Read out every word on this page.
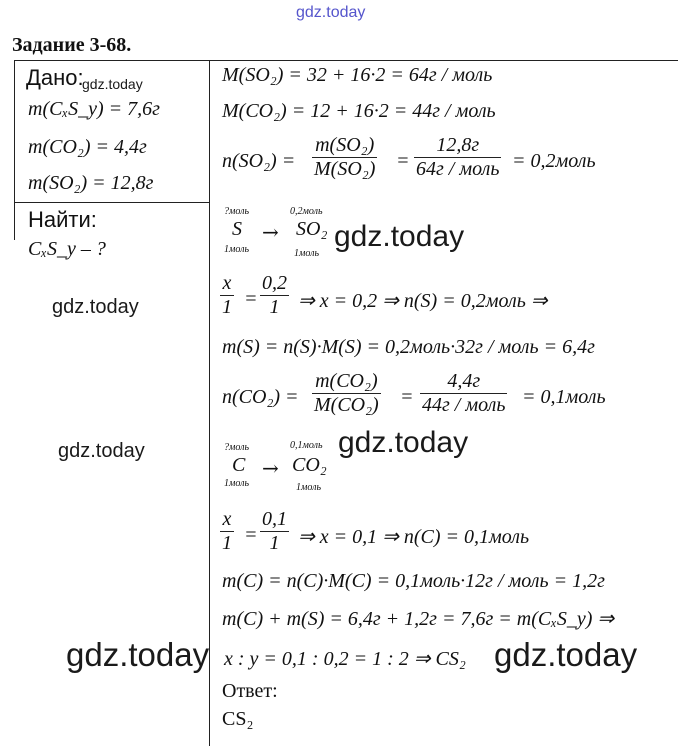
gdz.today
gdz.today
gdz.today
gdz.today
gdz.today
gdz.today
gdz.today	gdz.today
Задание 3-68.
Дано:
m(CₓS_y) = 7,6г
m(CO₂) = 4,4г
m(SO₂) = 12,8г
Найти:
CₓS_y – ?
M(SO₂) = 32 + 16·2 = 64г / моль
M(CO₂) = 12 + 16·2 = 44г / моль
n(SO₂) =
m(SO₂)
M(SO₂) =
12,8г
64г / моль = 0,2моль
?моль
S
1моль
→
0,2моль
SO₂
1моль
x
1 =
0,2
1 ⇒ x = 0,2 ⇒ n(S) = 0,2моль ⇒
m(S) = n(S)·M(S) = 0,2моль·32г / моль = 6,4г
n(CO₂) =
m(CO₂)
M(CO₂) =
4,4г
44г / моль = 0,1моль
?моль
C
1моль
→
0,1моль
CO₂
1моль
x
1 =
0,1
1 ⇒ x = 0,1 ⇒ n(C) = 0,1моль
m(C) = n(C)·M(C) = 0,1моль·12г / моль = 1,2г
m(C) + m(S) = 6,4г + 1,2г = 7,6г = m(CₓS_y) ⇒
x : y = 0,1 : 0,2 = 1 : 2 ⇒ CS₂
Ответ:
CS₂
